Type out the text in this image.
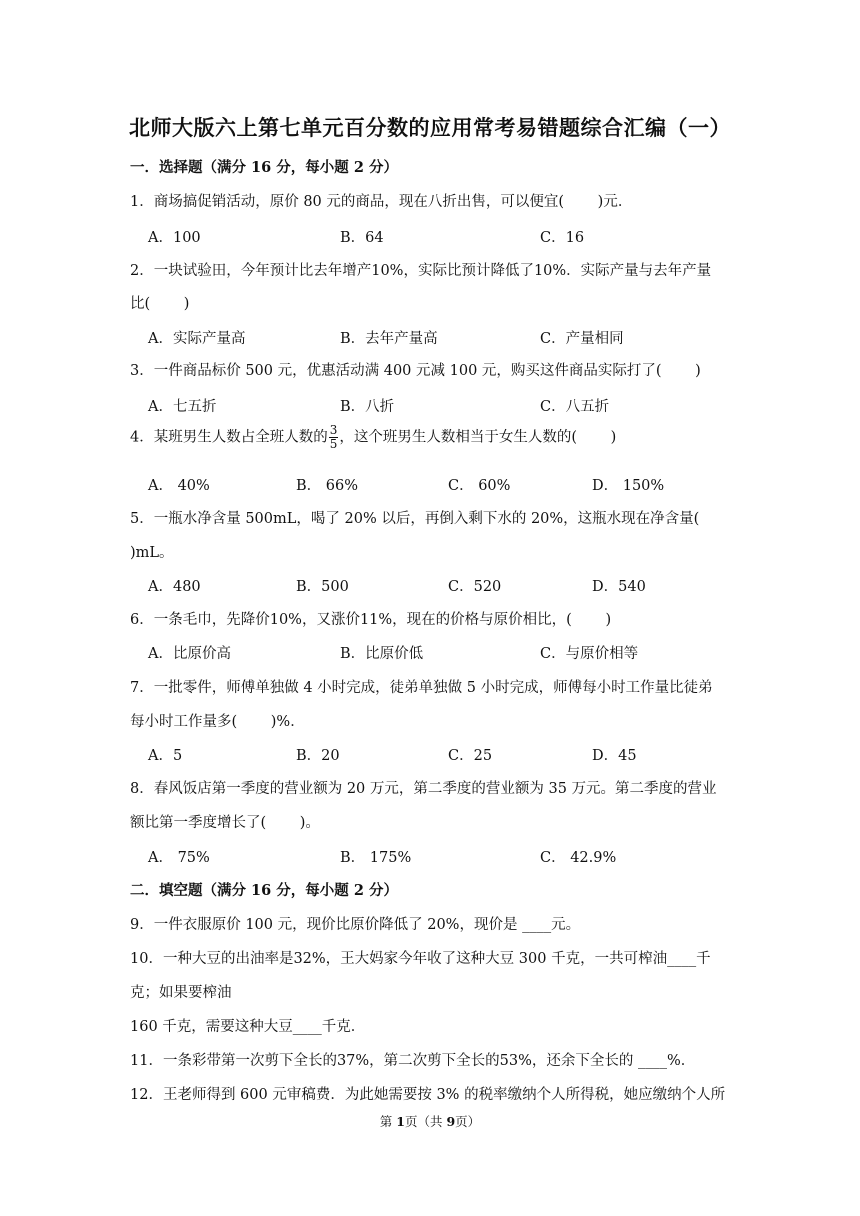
北师大版六上第七单元百分数的应用常考易错题综合汇编（一）
一．选择题（满分 16 分，每小题 2 分）
1．商场搞促销活动，原价 80 元的商品，现在八折出售，可以便宜(　　 )元．
A．100	B．64	C．16
2．一块试验田，今年预计比去年增产10%，实际比预计降低了10%．实际产量与去年产量
比(　　 )
A．实际产量高	B．去年产量高	C．产量相同
3．一件商品标价 500 元，优惠活动满 400 元减 100 元，购买这件商品实际打了(　　 )
A．七五折	B．八折	C．八五折
4．某班男生人数占全班人数的 $\frac{3}{5}$ ，这个班男生人数相当于女生人数的(　　 )
A． 40%	B． 66%	C． 60%	D． 150%
5．一瓶水净含量 500mL，喝了 20% 以后，再倒入剩下水的 20%，这瓶水现在净含量(
)mL。
A．480	B．500	C．520	D．540
6．一条毛巾，先降价10%，又涨价11%，现在的价格与原价相比，(　　 )
A．比原价高	B．比原价低	C．与原价相等
7．一批零件，师傅单独做 4 小时完成，徒弟单独做 5 小时完成，师傅每小时工作量比徒弟
每小时工作量多(　　 )%．
A．5	B．20	C．25	D．45
8．春风饭店第一季度的营业额为 20 万元，第二季度的营业额为 35 万元。第二季度的营业
额比第一季度增长了(　　 )。
A． 75%	B． 175%	C． 42.9%
二．填空题（满分 16 分，每小题 2 分）
9．一件衣服原价 100 元，现价比原价降低了 20%，现价是 ____元。
10．一种大豆的出油率是32%，王大妈家今年收了这种大豆 300 千克，一共可榨油____千
克；如果要榨油
160 千克，需要这种大豆____千克．
11．一条彩带第一次剪下全长的37%，第二次剪下全长的53%，还余下全长的 ____%．
12．王老师得到 600 元审稿费．为此她需要按 3% 的税率缴纳个人所得税，她应缴纳个人所
第 1页（共 9页）
